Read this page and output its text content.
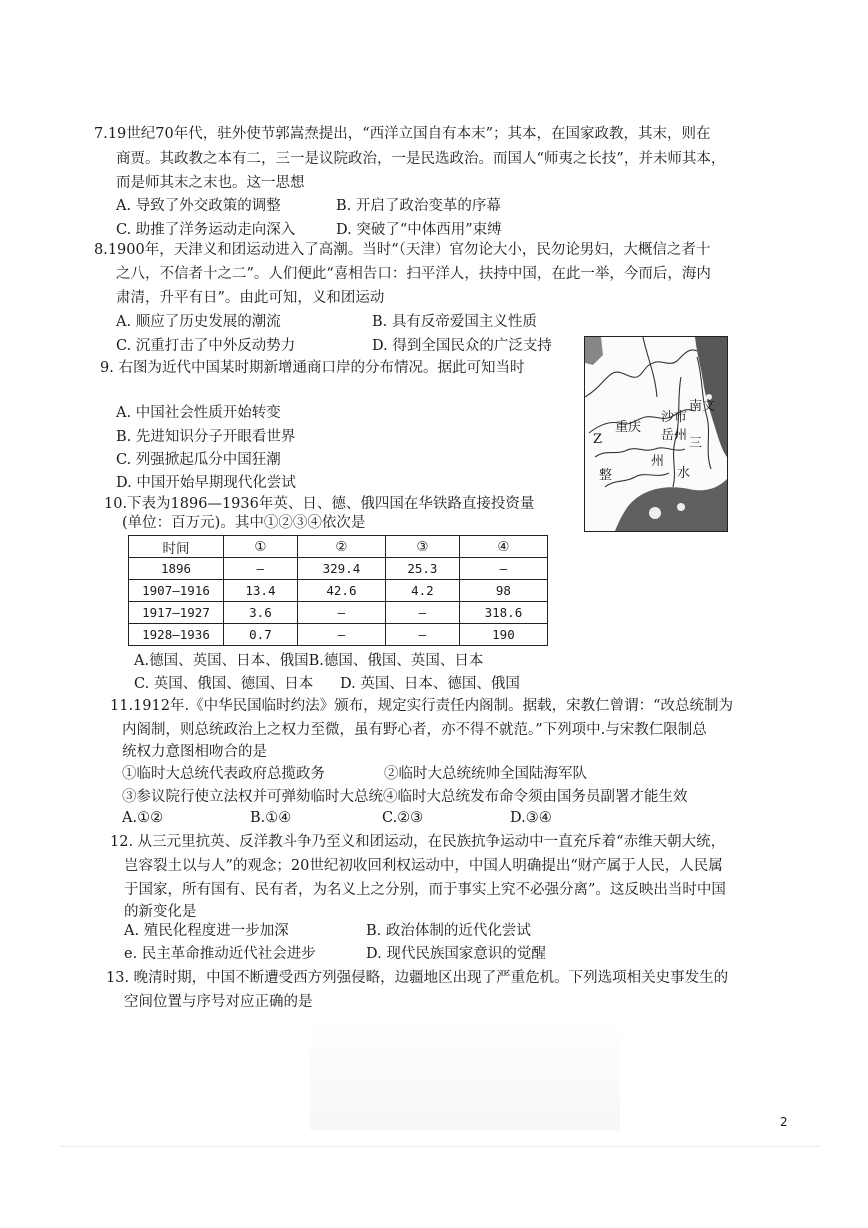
7.19世纪70年代，驻外使节郭嵩焘提出，“西洋立国自有本末”；其本，在国家政教，其末，则在
商贾。其政教之本有二，三一是议院政治，一是民选政治。而国人“师夷之长技”，并未师其本，
而是师其末之末也。这一思想
A. 导致了外交政策的调整	B. 开启了政治变革的序幕
C. 助推了洋务运动走向深入	D. 突破了“中体西用”束缚
8.1900年，天津义和团运动进入了高潮。当时“（天津）官勿论大小，民勿论男妇，大概信之者十
之八，不信者十之二”。人们便此“喜相告口：扫平洋人，扶持中国，在此一举，今而后，海内
肃清，升平有日”。由此可知，义和团运动
A. 顺应了历史发展的潮流	B. 具有反帝爱国主义性质
C. 沉重打击了中外反动势力	D. 得到全国民众的广泛支持
9. 右图为近代中国某时期新增通商口岸的分布情况。据此可知当时
A. 中国社会性质开始转变
B. 先进知识分子开眼看世界
C. 列强掀起瓜分中国狂潮
D. 中国开始早期现代化尝试
南文
重庆
沙市
岳州
三
Z
州
水
整
10.下表为1896—1936年英、日、德、俄四国在华铁路直接投资量
(单位：百万元)。其中①②③④依次是
时间	①	②	③	④
1896	—	329.4	25.3	—
1907—1916	13.4	42.6	4.2	98
1917—1927	3.6	—	—	318.6
1928—1936	0.7	—	—	190
A.德国、英国、日本、俄国B.德国、俄国、英国、日本
C. 英国、俄国、德国、日本 D. 英国、日本、德国、俄国
11.1912年.《中华民国临时约法》颁布，规定实行责任内阁制。据载，宋教仁曾谓：“改总统制为
内阁制，则总统政治上之权力至微，虽有野心者，亦不得不就范。”下列项中.与宋教仁限制总
统权力意图相吻合的是
①临时大总统代表政府总揽政务	②临时大总统统帅全国陆海军队
③参议院行使立法权并可弹劾临时大总统④临时大总统发布命令须由国务员副署才能生效
A.①②	B.①④	C.②③	D.③④
12. 从三元里抗英、反洋教斗争乃至义和团运动，在民族抗争运动中一直充斥着“赤维天朝大统，
岂容裂土以与人”的观念；20世纪初收回利权运动中，中国人明确提出“财产属于人民，人民属
于国家，所有国有、民有者，为名义上之分别，而于事实上究不必强分离”。这反映出当时中国
的新变化是
A. 殖民化程度进一步加深	B. 政治体制的近代化尝试
e. 民主革命推动近代社会进步	D. 现代民族国家意识的觉醒
13. 晚清时期，中国不断遭受西方列强侵略，边疆地区出现了严重危机。下列选项相关史事发生的
空间位置与序号对应正确的是
2
